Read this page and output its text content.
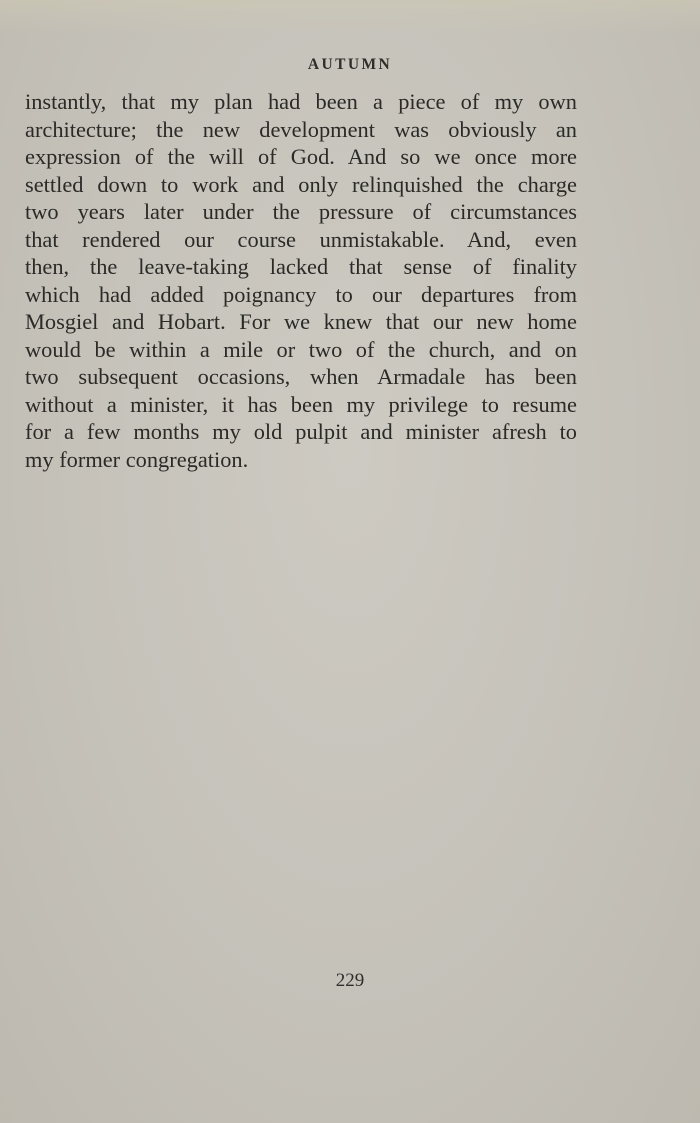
AUTUMN

instantly, that my plan had been a piece of my own
architecture; the new development was obviously an
expression of the will of God. And so we once more
settled down to work and only relinquished the charge
two years later under the pressure of circumstances
that rendered our course unmistakable. And, even
then, the leave-taking lacked that sense of finality
which had added poignancy to our departures from
Mosgiel and Hobart. For we knew that our new home
would be within a mile or two of the church, and on
two subsequent occasions, when Armadale has been
without a minister, it has been my privilege to resume
for a few months my old pulpit and minister afresh to
my former congregation.

229
